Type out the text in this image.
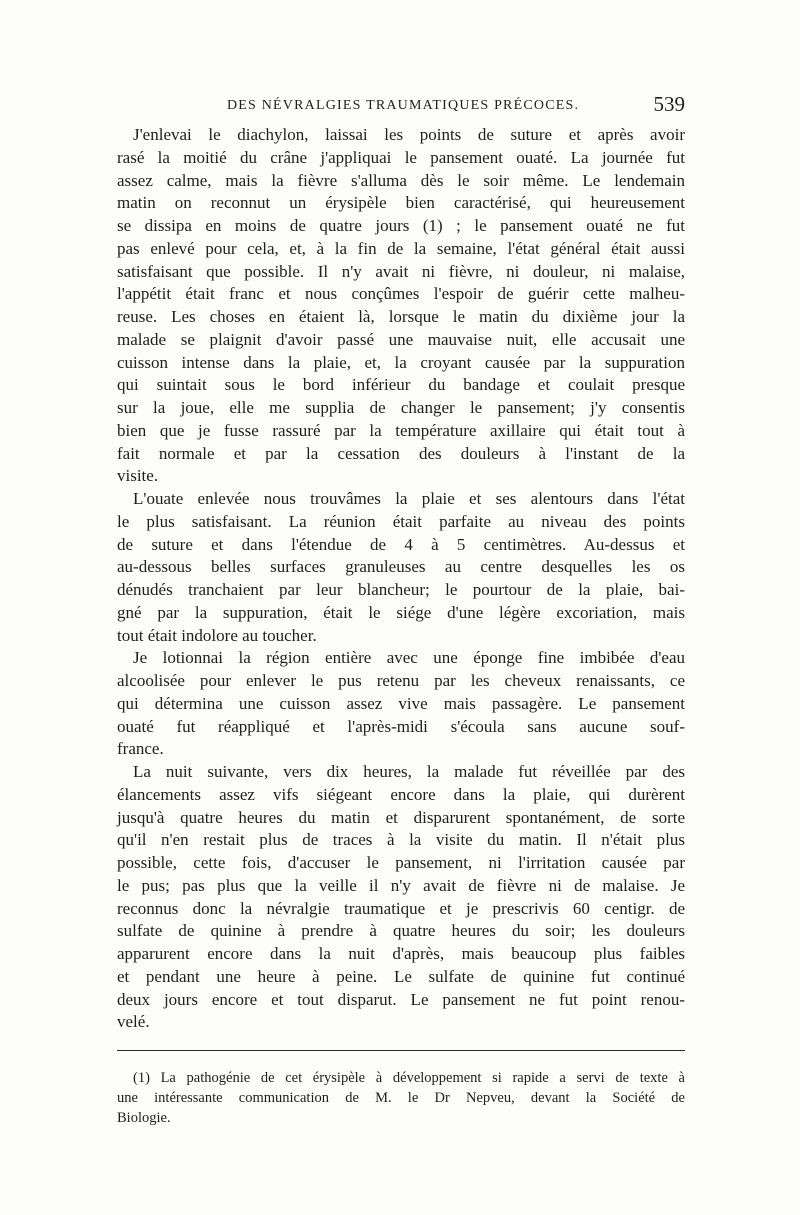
DES NÉVRALGIES TRAUMATIQUES PRÉCOCES.	539
J'enlevai le diachylon, laissai les points de suture et après avoir
rasé la moitié du crâne j'appliquai le pansement ouaté. La journée fut
assez calme, mais la fièvre s'alluma dès le soir même. Le lendemain
matin on reconnut un érysipèle bien caractérisé, qui heureusement
se dissipa en moins de quatre jours (1) ; le pansement ouaté ne fut
pas enlevé pour cela, et, à la fin de la semaine, l'état général était aussi
satisfaisant que possible. Il n'y avait ni fièvre, ni douleur, ni malaise,
l'appétit était franc et nous conçûmes l'espoir de guérir cette malheu-
reuse. Les choses en étaient là, lorsque le matin du dixième jour la
malade se plaignit d'avoir passé une mauvaise nuit, elle accusait une
cuisson intense dans la plaie, et, la croyant causée par la suppuration
qui suintait sous le bord inférieur du bandage et coulait presque
sur la joue, elle me supplia de changer le pansement; j'y consentis
bien que je fusse rassuré par la température axillaire qui était tout à
fait normale et par la cessation des douleurs à l'instant de la
visite.
L'ouate enlevée nous trouvâmes la plaie et ses alentours dans l'état
le plus satisfaisant. La réunion était parfaite au niveau des points
de suture et dans l'étendue de 4 à 5 centimètres. Au-dessus et
au-dessous belles surfaces granuleuses au centre desquelles les os
dénudés tranchaient par leur blancheur; le pourtour de la plaie, bai-
gné par la suppuration, était le siége d'une légère excoriation, mais
tout était indolore au toucher.
Je lotionnai la région entière avec une éponge fine imbibée d'eau
alcoolisée pour enlever le pus retenu par les cheveux renaissants, ce
qui détermina une cuisson assez vive mais passagère. Le pansement
ouaté fut réappliqué et l'après-midi s'écoula sans aucune souf-
france.
La nuit suivante, vers dix heures, la malade fut réveillée par des
élancements assez vifs siégeant encore dans la plaie, qui durèrent
jusqu'à quatre heures du matin et disparurent spontanément, de sorte
qu'il n'en restait plus de traces à la visite du matin. Il n'était plus
possible, cette fois, d'accuser le pansement, ni l'irritation causée par
le pus; pas plus que la veille il n'y avait de fièvre ni de malaise. Je
reconnus donc la névralgie traumatique et je prescrivis 60 centigr. de
sulfate de quinine à prendre à quatre heures du soir; les douleurs
apparurent encore dans la nuit d'après, mais beaucoup plus faibles
et pendant une heure à peine. Le sulfate de quinine fut continué
deux jours encore et tout disparut. Le pansement ne fut point renou-
velé.
(1) La pathogénie de cet érysipèle à développement si rapide a servi de texte à
une intéressante communication de M. le Dr Nepveu, devant la Société de
Biologie.
